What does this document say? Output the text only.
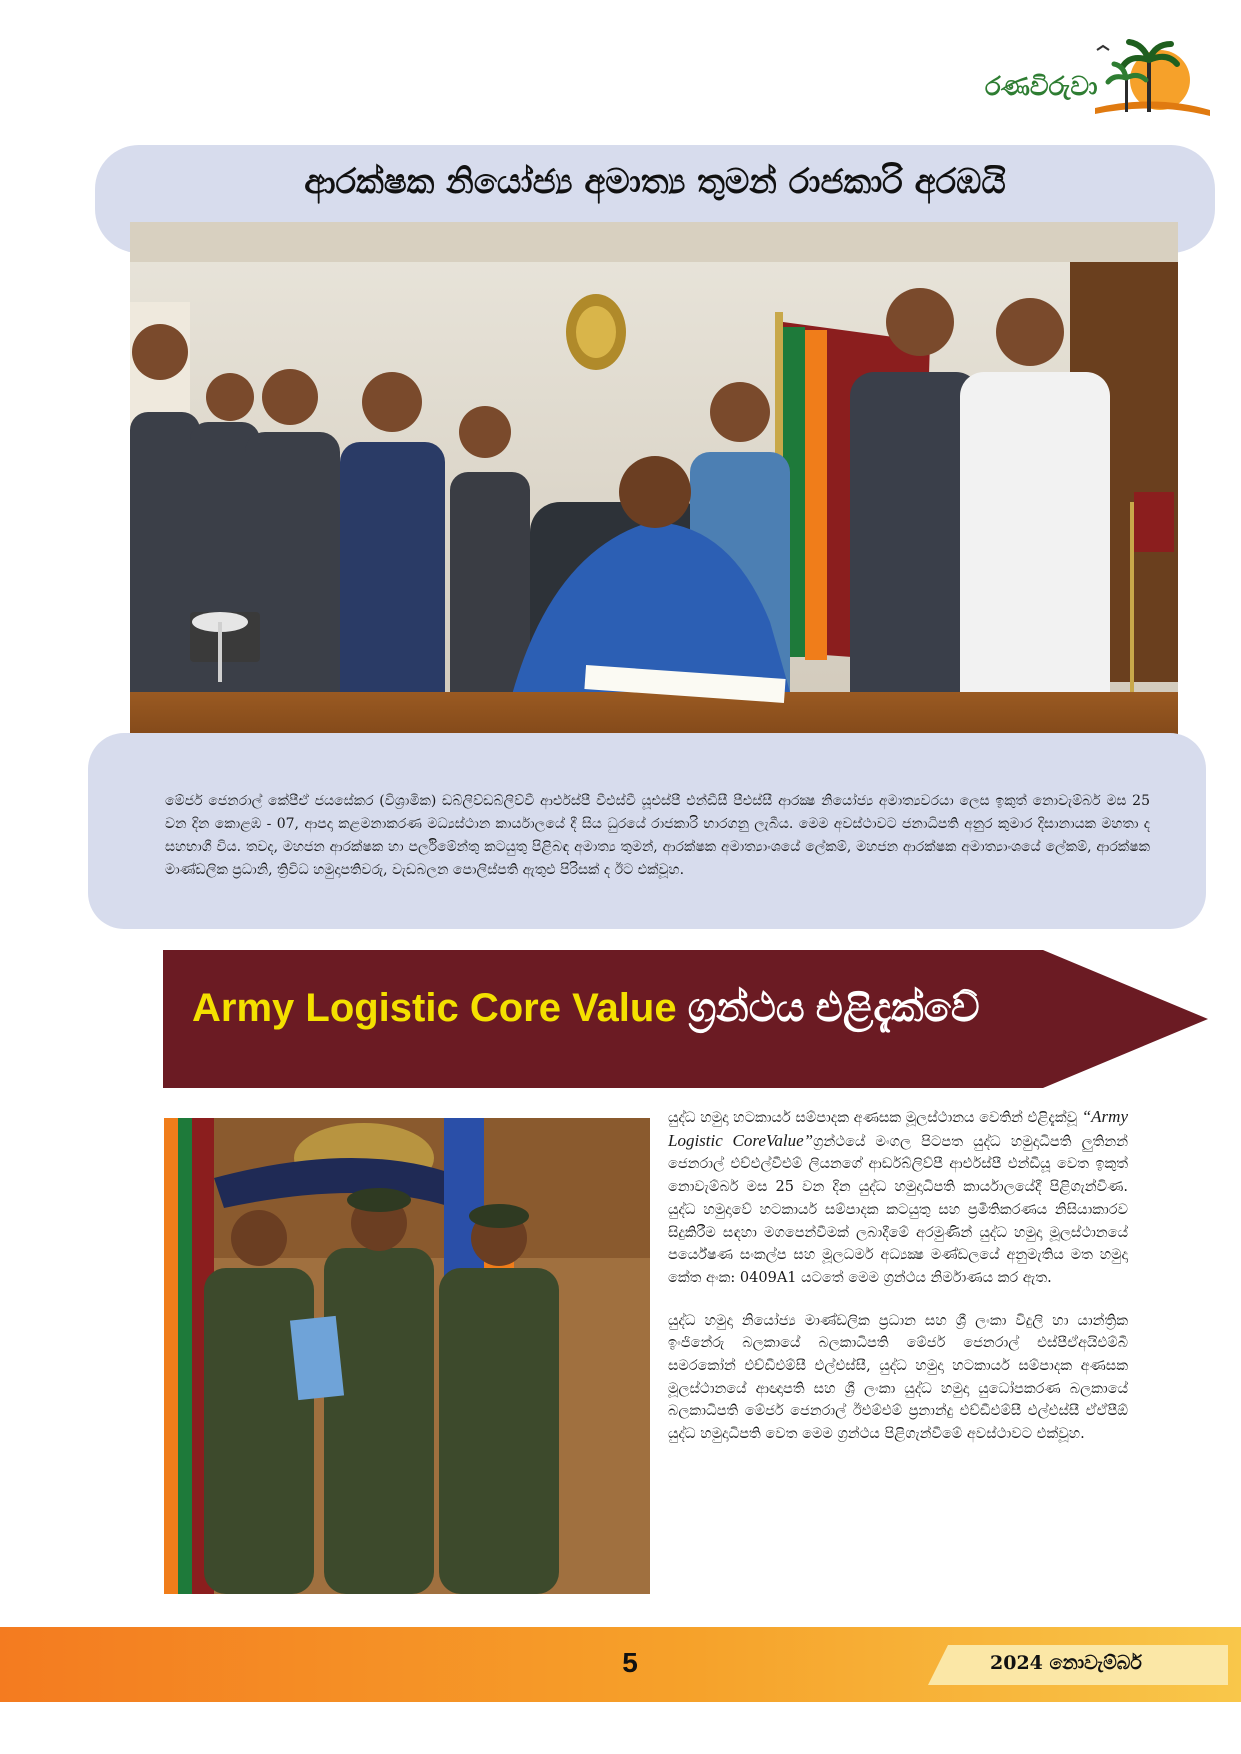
රණවිරුවා
ආරක්ෂක නියෝජ්‍ය අමාත්‍ය තුමන් රාජකාරි අරඹයි
මේජර් ජෙනරාල් කේපීඒ ජයසේකර (විශ්‍රාමික) ඩබ්ලිව්ඩබ්ලිව්වී ආර්එස්පී වීඑස්වී යූඑස්පී එන්ඩීසී පීඑස්සී ආරක්‍ෂ නියෝජ්‍ය අමාත්‍යවරයා ලෙස ඉකුත් නොවැම්බර් මස 25 වන දින කොළඹ - 07, ආපදා කළමනාකරණ මධ්‍යස්ථාන කාර්යාලයේ දී සිය ධුරයේ රාජකාරි භාරගනු ලැබීය. මෙම අවස්ථාවට ජනාධිපති අනුර කුමාර දිසානායක මහතා ද සහභාගී විය. තවද, මහජන ආරක්ෂක හා පර්ලිමේන්තු කටයුතු පිළිබඳ අමාත්‍ය තුමන්, ආරක්ෂක අමාත්‍යාංශයේ ලේකම්, මහජන ආරක්ෂක අමාත්‍යාංශයේ ලේකම්, ආරක්ෂක මාණ්ඩලික ප්‍රධානි, ත්‍රිවිධ හමුදාපතිවරු, වැඩබලන පොලිස්පති ඇතුළු පිරිසක් ද ඊට එක්වූහ.
Army Logistic Core Value ග්‍රන්ථය එළිදැක්වේ

යුද්ධ හමුදා හටකාර්ය සම්පාදක අණසක මූලස්ථානය වෙතින් එළිදැක්වූ “Army Logistic CoreValue”ග්‍රන්ථයේ මංගල පිටපත යුද්ධ හමුදාධිපති ලුතිනන් ජෙනරාල් එච්එල්වීඑම් ලියනගේ ආර්ඩබ්ලිව්පී ආර්එස්පී එන්ඩීයූ වෙත ඉකුත් නොවැම්බර් මස 25 වන දින යුද්ධ හමුදාධිපති කාර්යාලයේදී පිළිගැන්විණ. යුද්ධ හමුදාවේ හටකාර්ය සම්පාදක කටයුතු සහ ප්‍රමිතිකරණය නිසියාකාරව සිදුකිරීම සඳහා මගපෙන්වීමක් ලබාදීමේ අරමුණින් යුද්ධ හමුදා මූලස්ථානයේ පර්යේෂණ සංකල්ප සහ මූලධර්ම අධ්‍යක්‍ෂ මණ්ඩලයේ අනුමැතිය මත හමුදා කේත අංක: 0409A1 යටතේ මෙම ග්‍රන්ථය නිර්මාණය කර ඇත.

යුද්ධ හමුදා නියෝජ්‍ය මාණ්ඩලික ප්‍රධාන සහ ශ්‍රී ලංකා විදුලි හා යාන්ත්‍රික ඉංජිනේරු බලකායේ බලකාධිපති මේජර් ජෙනරාල් එස්පීඒඅයිඑම්බී සමරකෝන් එච්ඩීඑම්සී එල්එස්සී, යුද්ධ හමුදා හටකාර්ය සම්පාදක අණසක මූලස්ථානයේ ආඥාපති සහ ශ්‍රී ලංකා යුද්ධ හමුදා යුධෝපකරණ බලකායේ බලකාධිපති මේජර් ජෙනරාල් ඊඑම්එම් ප්‍රනාන්දු එච්ඩීඑම්සී එල්එස්සී ඒඒපීඕ යුද්ධ හමුදාධිපති වෙත මෙම ග්‍රන්ථය පිළිගැන්වීමේ අවස්ථාවට එක්වූහ.

5	2024 නොවැම්බර්
